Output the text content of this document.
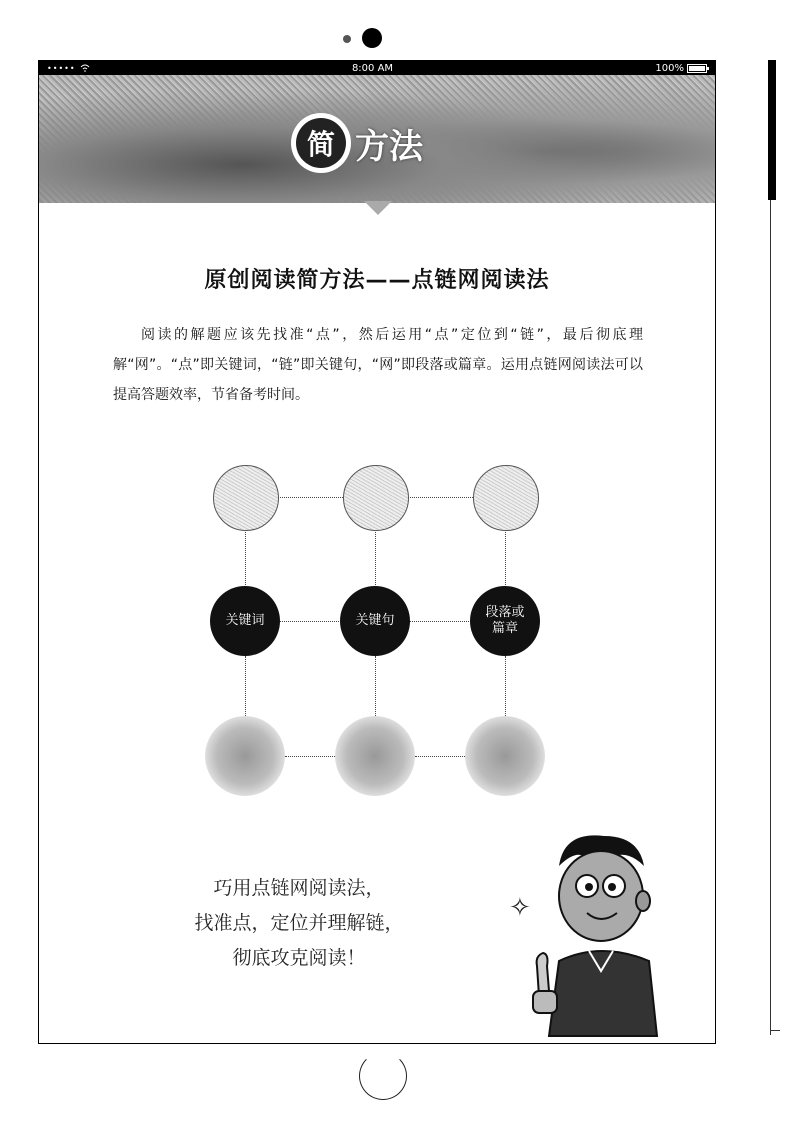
•••••	8:00 AM	100%
简 方法
原创阅读简方法——点链网阅读法

阅读的解题应该先找准“点”，然后运用“点”定位到“链”，最后彻底理解“网”。“点”即关键词，“链”即关键句，“网”即段落或篇章。运用点链网阅读法可以提高答题效率，节省备考时间。

关键词	关键句
段落或
篇章
巧用点链网阅读法，
找准点，定位并理解链，
彻底攻克阅读！
✧
